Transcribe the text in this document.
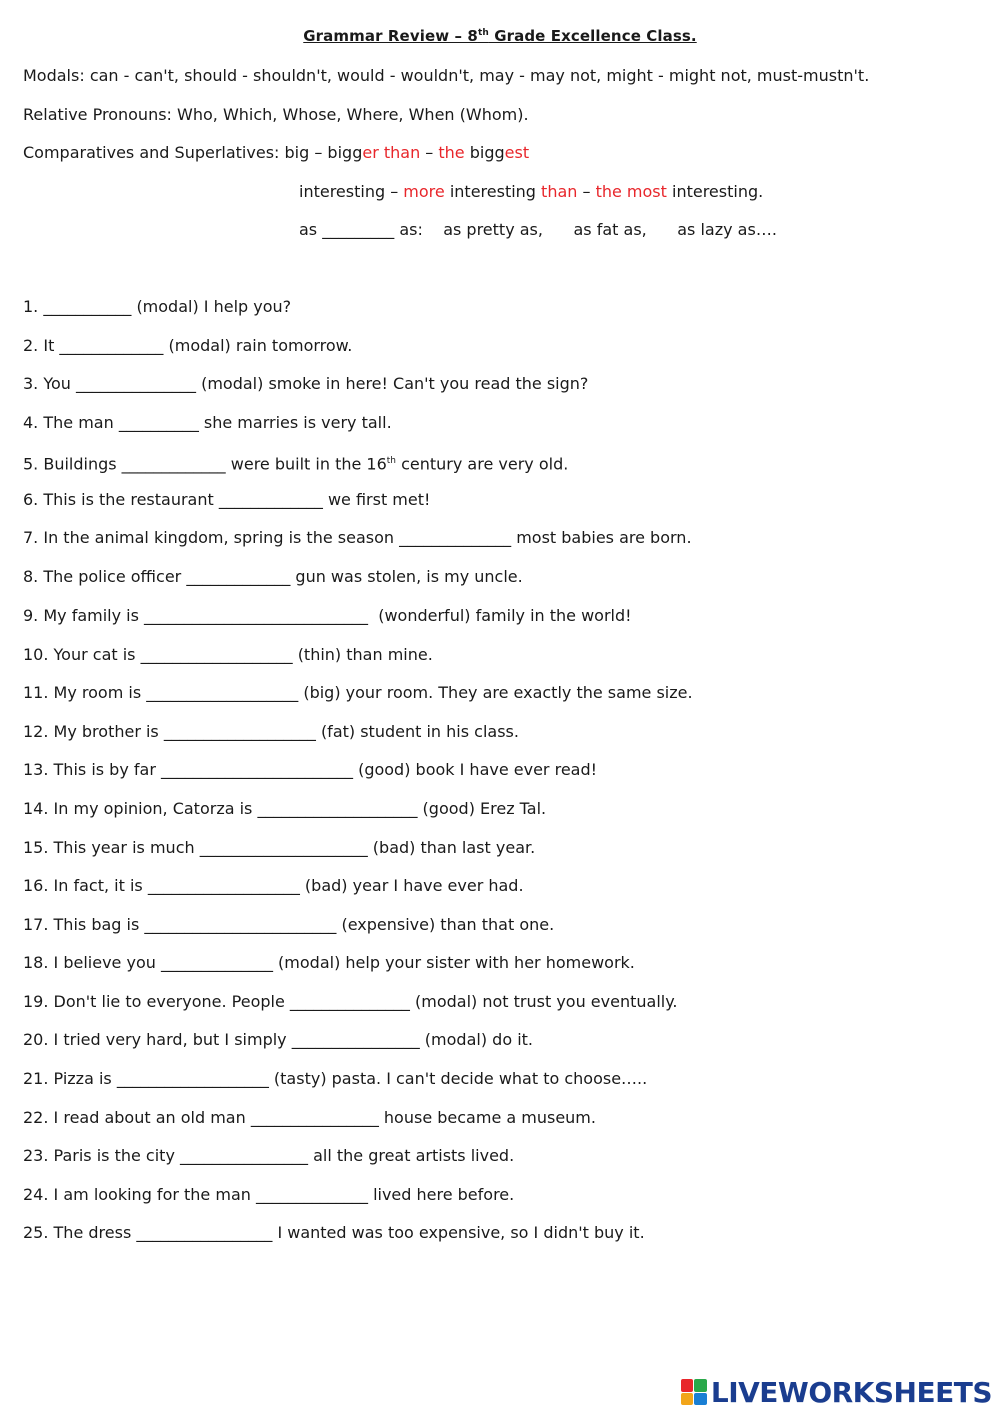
Grammar Review – 8th Grade Excellence Class.
Modals: can - can't, should - shouldn't, would - wouldn't, may - may not, might - might not, must-mustn't.
Relative Pronouns: Who, Which, Whose, Where, When (Whom).
Comparatives and Superlatives: big – bigger than – the biggest
interesting – more interesting than – the most interesting.
as _________ as:    as pretty as,      as fat as,      as lazy as….
1. ___________ (modal) I help you?
2. It _____________ (modal) rain tomorrow.
3. You _______________ (modal) smoke in here! Can't you read the sign?
4. The man __________ she marries is very tall.
5. Buildings _____________ were built in the 16th century are very old.
6. This is the restaurant _____________ we first met!
7. In the animal kingdom, spring is the season ______________ most babies are born.
8. The police officer _____________ gun was stolen, is my uncle.
9. My family is ____________________________  (wonderful) family in the world!
10. Your cat is ___________________ (thin) than mine.
11. My room is ___________________ (big) your room. They are exactly the same size.
12. My brother is ___________________ (fat) student in his class.
13. This is by far ________________________ (good) book I have ever read!
14. In my opinion, Catorza is ____________________ (good) Erez Tal.
15. This year is much _____________________ (bad) than last year.
16. In fact, it is ___________________ (bad) year I have ever had.
17. This bag is ________________________ (expensive) than that one.
18. I believe you ______________ (modal) help your sister with her homework.
19. Don't lie to everyone. People _______________ (modal) not trust you eventually.
20. I tried very hard, but I simply ________________ (modal) do it.
21. Pizza is ___________________ (tasty) pasta. I can't decide what to choose…..
22. I read about an old man ________________ house became a museum.
23. Paris is the city ________________ all the great artists lived.
24. I am looking for the man ______________ lived here before.
25. The dress _________________ I wanted was too expensive, so I didn't buy it.
LIVEWORKSHEETS
